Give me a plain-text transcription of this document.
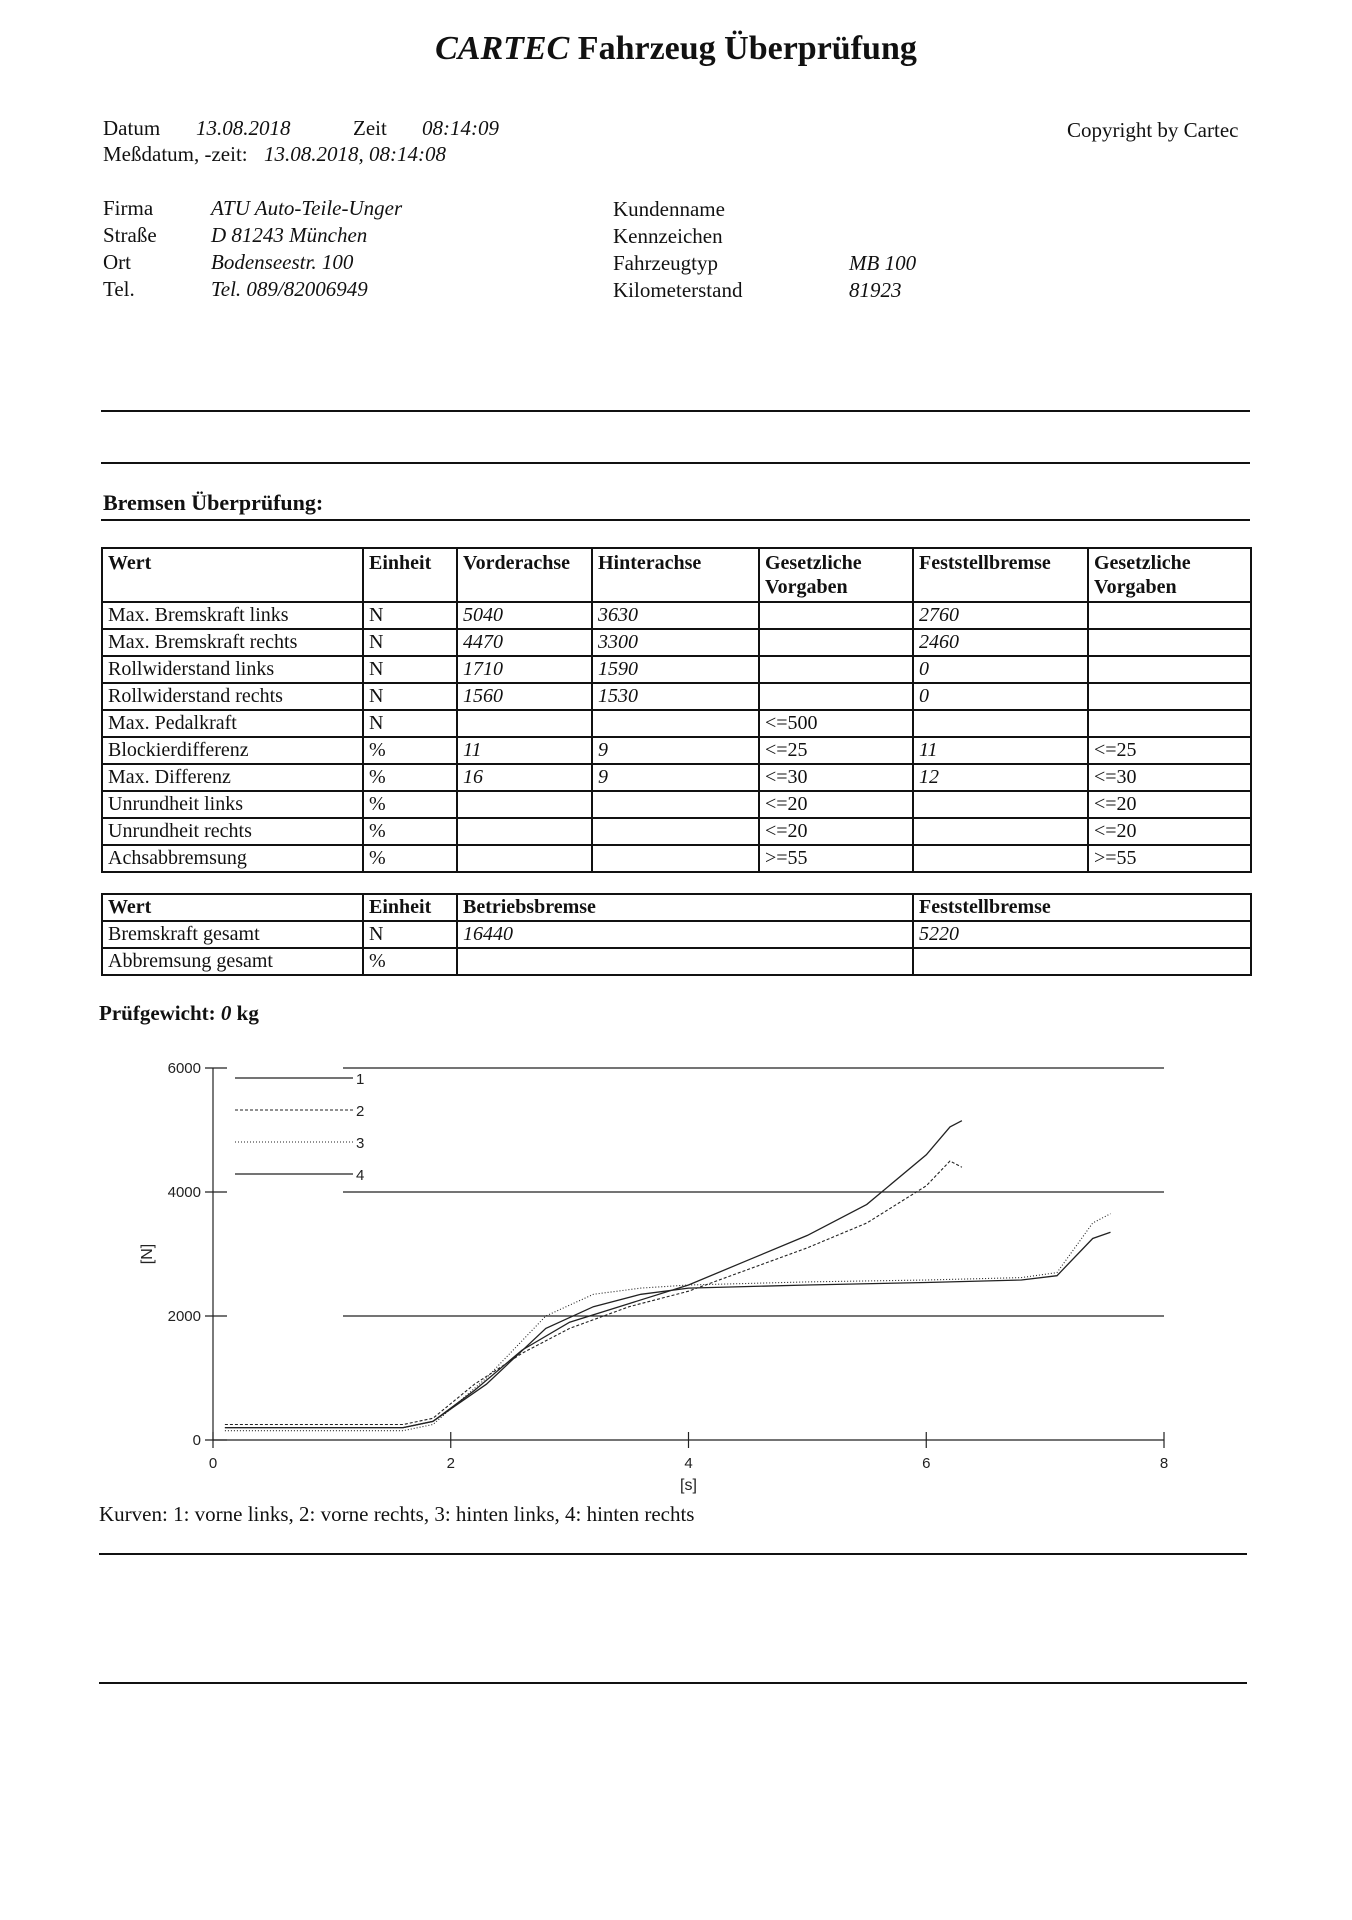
CARTEC Fahrzeug Überprüfung
Datum 13.08.2018	Zeit 08:14:09
Meßdatum, -zeit: 13.08.2018, 08:14:08
Copyright by Cartec
Firma	ATU Auto-Teile-Unger
Straße	D 81243 München
Ort	Bodenseestr. 100
Tel.	Tel. 089/82006949
Kundenname
Kennzeichen
Fahrzeugtyp	MB 100
Kilometerstand	81923
Bremsen Überprüfung:
Wert	Einheit	Vorderachse	Hinterachse	Gesetzliche Vorgaben	Feststellbremse	Gesetzliche Vorgaben
Max. Bremskraft links	N	5040	3630		2760	
Max. Bremskraft rechts	N	4470	3300		2460	
Rollwiderstand links	N	1710	1590		0	
Rollwiderstand rechts	N	1560	1530		0	
Max. Pedalkraft	N			<=500		
Blockierdifferenz	%	11	9	<=25	11	<=25
Max. Differenz	%	16	9	<=30	12	<=30
Unrundheit links	%			<=20		<=20
Unrundheit rechts	%			<=20		<=20
Achsabbremsung	%			>=55		>=55
Wert	Einheit	Betriebsbremse	Feststellbremse
Bremskraft gesamt	N	16440	5220
Abbremsung gesamt	%		
Prüfgewicht: 0 kg
0
2000
4000
6000
0	2	4	6	8
[s]
[N]
1
2
3
4
Kurven: 1: vorne links, 2: vorne rechts, 3: hinten links, 4: hinten rechts
